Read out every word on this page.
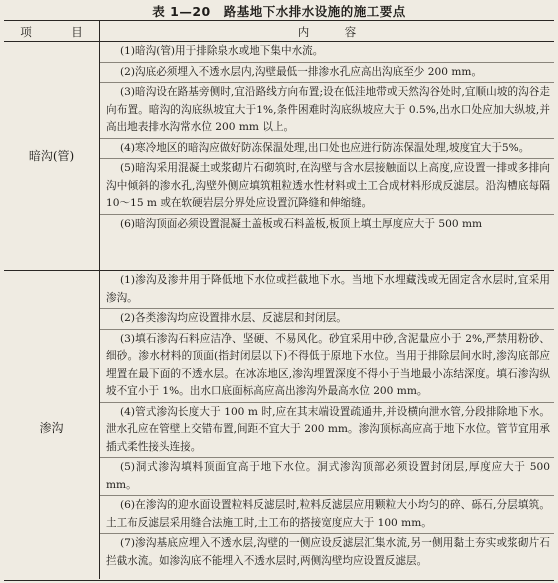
表 1—20　路基地下水排水设施的施工要点
项　目	内　容
暗沟(管)
(1)暗沟(管)用于排除泉水或地下集中水流。
(2)沟底必须埋入不透水层内,沟壁最低一排渗水孔应高出沟底至少 200 mm。
(3)暗沟设在路基旁侧时,宜沿路线方向布置;设在低洼地带或天然沟谷处时,宜顺山坡的沟谷走向布置。暗沟的沟底纵坡宜大于1%,条件困难时沟底纵坡应大于 0.5%,出水口处应加大纵坡,并高出地表排水沟常水位 200 mm 以上。
(4)寒冷地区的暗沟应做好防冻保温处理,出口处也应进行防冻保温处理,坡度宜大于5%。
(5)暗沟采用混凝土或浆砌片石砌筑时,在沟壁与含水层接触面以上高度,应设置一排或多排向沟中倾斜的渗水孔,沟壁外侧应填筑粗粒透水性材料或土工合成材料形成反滤层。沿沟槽底每隔 10～15 m 或在软硬岩层分界处应设置沉降缝和伸缩缝。
(6)暗沟顶面必须设置混凝土盖板或石料盖板,板顶上填土厚度应大于 500 mm
渗沟
(1)渗沟及渗井用于降低地下水位或拦截地下水。当地下水埋藏浅或无固定含水层时,宜采用渗沟。
(2)各类渗沟均应设置排水层、反滤层和封闭层。
(3)填石渗沟石料应洁净、坚硬、不易风化。砂宜采用中砂,含泥量应小于 2%,严禁用粉砂、细砂。渗水材料的顶面(指封闭层以下)不得低于原地下水位。当用于排除层间水时,渗沟底部应埋置在最下面的不透水层。在冰冻地区,渗沟埋置深度不得小于当地最小冻结深度。填石渗沟纵坡不宜小于 1%。出水口底面标高应高出渗沟外最高水位 200 mm。
(4)管式渗沟长度大于 100 m 时,应在其末端设置疏通井,并设横向泄水管,分段排除地下水。泄水孔应在管壁上交错布置,间距不宜大于 200 mm。渗沟顶标高应高于地下水位。管节宜用承插式柔性接头连接。
(5)洞式渗沟填料顶面宜高于地下水位。洞式渗沟顶部必须设置封闭层,厚度应大于 500 mm。
(6)在渗沟的迎水面设置粒料反滤层时,粒料反滤层应用颗粒大小均匀的碎、砾石,分层填筑。土工布反滤层采用缝合法施工时,土工布的搭接宽度应大于 100 mm。
(7)渗沟基底应埋入不透水层,沟壁的一侧应设反滤层汇集水流,另一侧用黏土夯实或浆砌片石拦截水流。如渗沟底不能埋入不透水层时,两侧沟壁均应设置反滤层。
